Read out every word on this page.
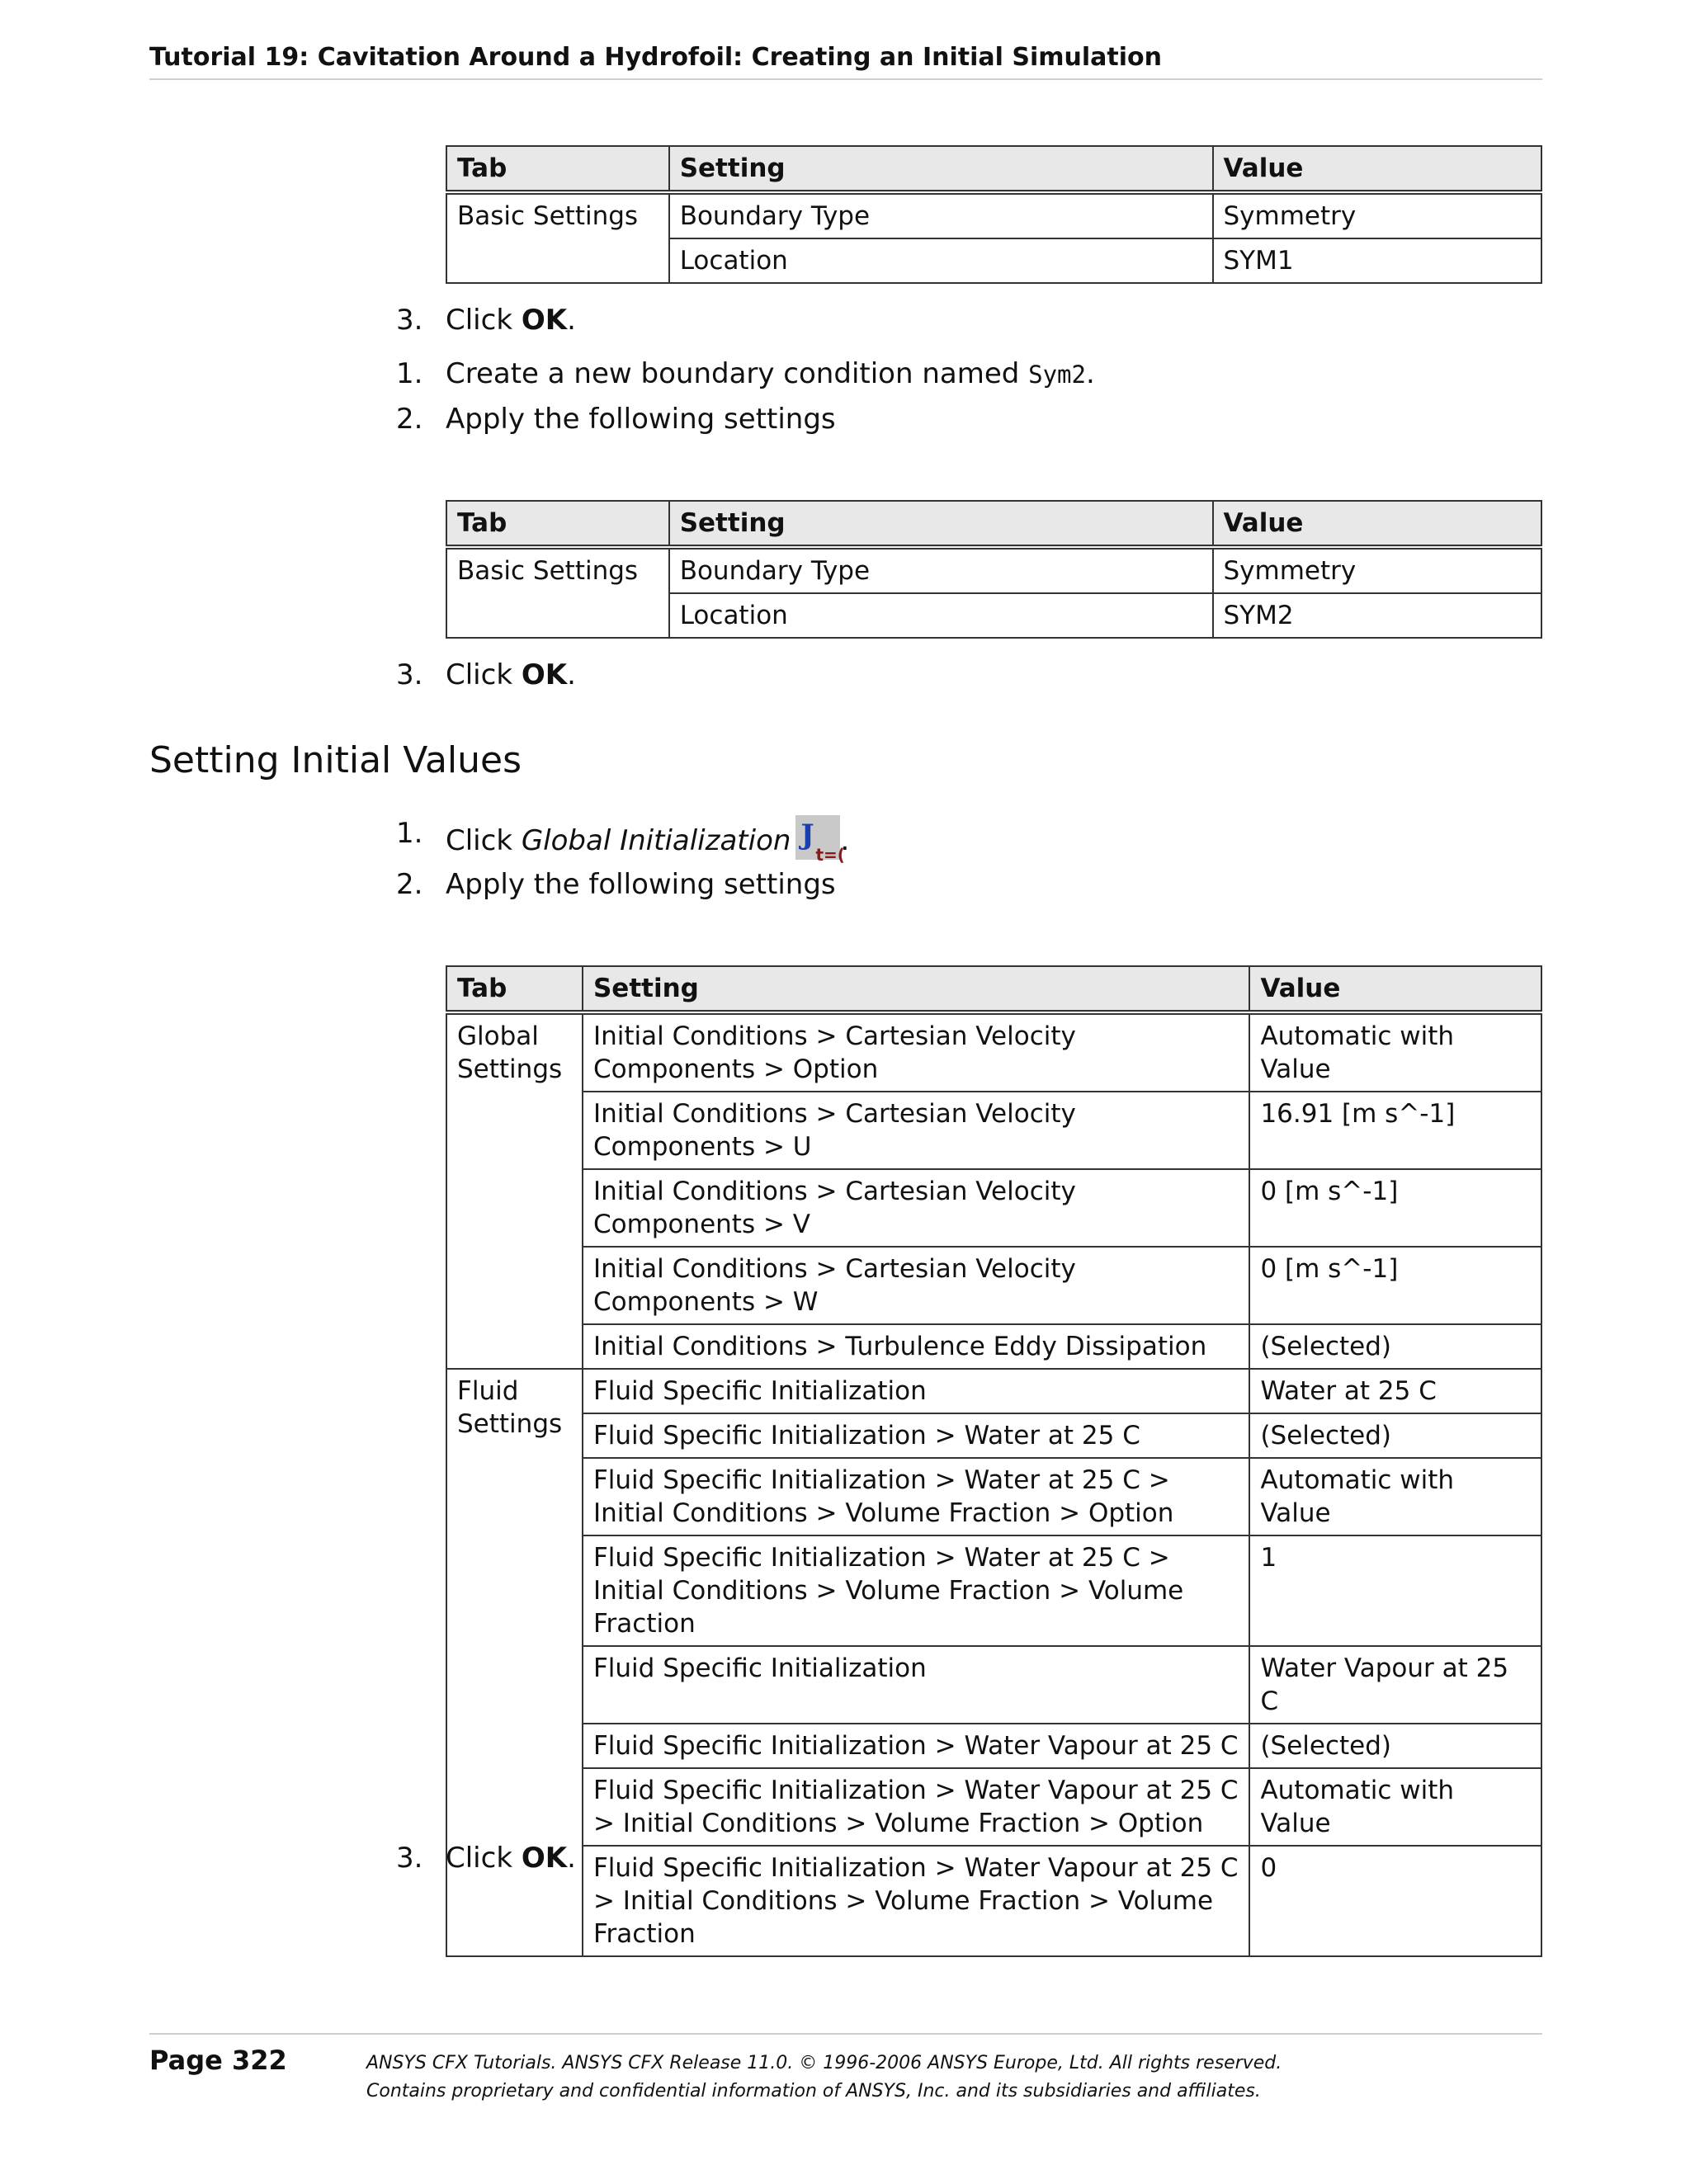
Tutorial 19: Cavitation Around a Hydrofoil: Creating an Initial Simulation
Tab	Setting	Value
Basic Settings	Boundary Type	Symmetry
	Location	SYM1
3. Click OK.
1. Create a new boundary condition named Sym2.
2. Apply the following settings
Tab	Setting	Value
Basic Settings	Boundary Type	Symmetry
	Location	SYM2
3. Click OK.
Setting Initial Values
1. Click Global Initialization J
t=(
.
2. Apply the following settings
Tab	Setting	Value
Global Settings	Initial Conditions > Cartesian Velocity Components > Option	Automatic with Value
	Initial Conditions > Cartesian Velocity Components > U	16.91 [m s^-1]
	Initial Conditions > Cartesian Velocity Components > V	0 [m s^-1]
	Initial Conditions > Cartesian Velocity Components > W	0 [m s^-1]
	Initial Conditions > Turbulence Eddy Dissipation	(Selected)
Fluid Settings	Fluid Specific Initialization	Water at 25 C
	Fluid Specific Initialization > Water at 25 C	(Selected)
	Fluid Specific Initialization > Water at 25 C > Initial Conditions > Volume Fraction > Option	Automatic with Value
	Fluid Specific Initialization > Water at 25 C > Initial Conditions > Volume Fraction > Volume Fraction	1
	Fluid Specific Initialization	Water Vapour at 25 C
	Fluid Specific Initialization > Water Vapour at 25 C	(Selected)
	Fluid Specific Initialization > Water Vapour at 25 C > Initial Conditions > Volume Fraction > Option	Automatic with Value
	Fluid Specific Initialization > Water Vapour at 25 C > Initial Conditions > Volume Fraction > Volume Fraction	0
3. Click OK.
Page 322	ANSYS CFX Tutorials. ANSYS CFX Release 11.0. © 1996-2006 ANSYS Europe, Ltd. All rights reserved.
Contains proprietary and confidential information of ANSYS, Inc. and its subsidiaries and affiliates.
